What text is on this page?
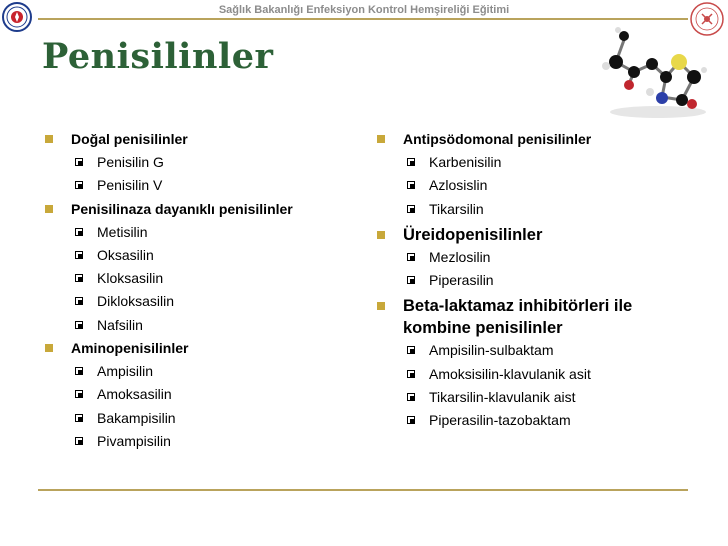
Sağlık Bakanlığı Enfeksiyon Kontrol Hemşireliği Eğitimi
Penisilinler
Doğal penisilinler
Penisilin G
Penisilin V
Penisilinaza dayanıklı penisilinler
Metisilin
Oksasilin
Kloksasilin
Dikloksasilin
Nafsilin
Aminopenisilinler
Ampisilin
Amoksasilin
Bakampisilin
Pivampisilin
Antipsödomonal penisilinler
Karbenisilin
Azlosislin
Tikarsilin
Üreidopenisilinler
Mezlosilin
Piperasilin
Beta-laktamaz inhibitörleri ile
kombine penisilinler
Ampisilin-sulbaktam
Amoksisilin-klavulanik asit
Tikarsilin-klavulanik aist
Piperasilin-tazobaktam
